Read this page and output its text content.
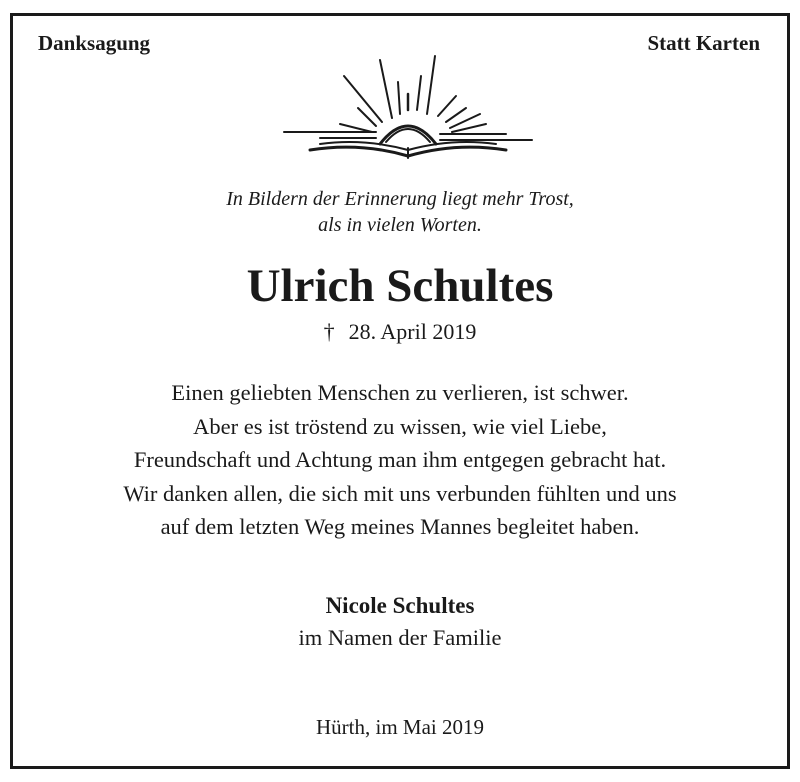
Danksagung	Statt Karten
In Bildern der Erinnerung liegt mehr Trost,
als in vielen Worten.
Ulrich Schultes
† 28. April 2019
Einen geliebten Menschen zu verlieren, ist schwer.
Aber es ist tröstend zu wissen, wie viel Liebe,
Freundschaft und Achtung man ihm entgegen gebracht hat.
Wir danken allen, die sich mit uns verbunden fühlten und uns
auf dem letzten Weg meines Mannes begleitet haben.
Nicole Schultes
im Namen der Familie
Hürth, im Mai 2019
